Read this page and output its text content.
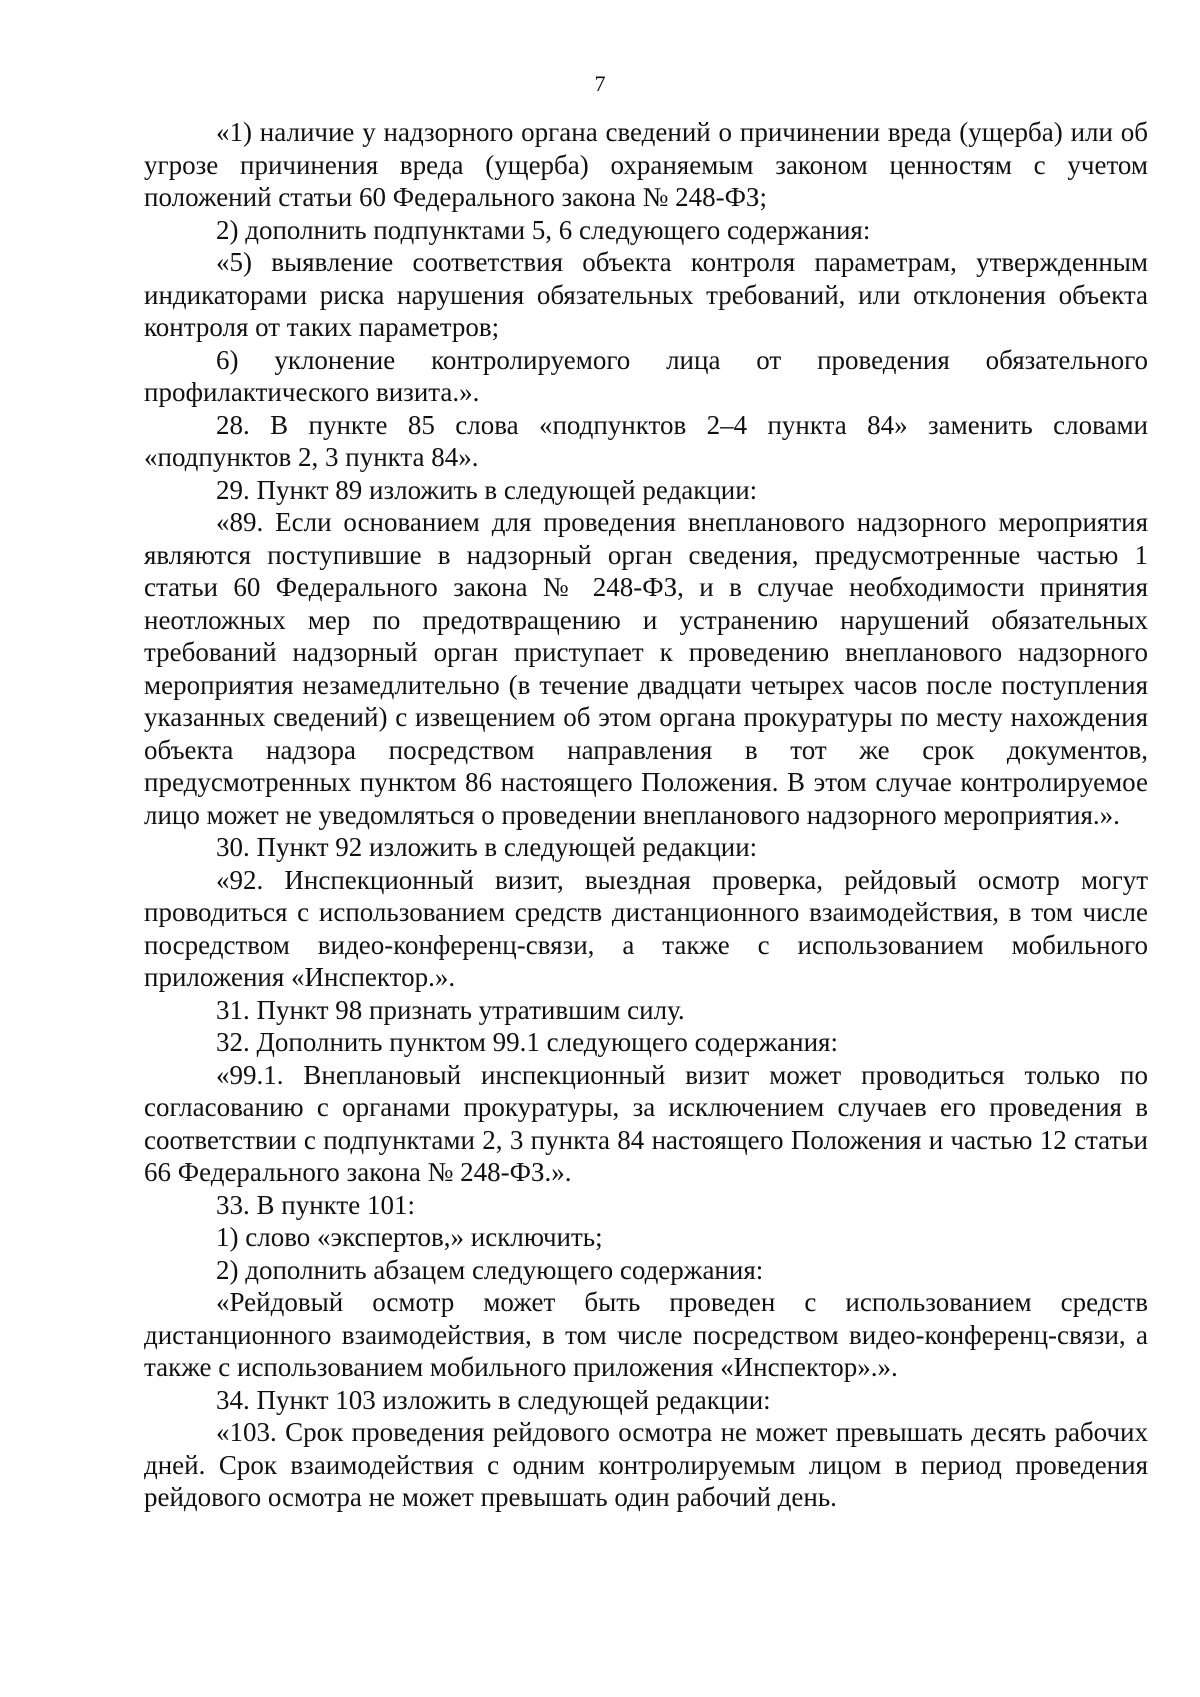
7

«1) наличие у надзорного органа сведений о причинении вреда (ущерба) или об угрозе причинения вреда (ущерба) охраняемым законом ценностям с учетом положений статьи 60 Федерального закона № 248-ФЗ;

2) дополнить подпунктами 5, 6 следующего содержания:

«5) выявление соответствия объекта контроля параметрам, утвержденным индикаторами риска нарушения обязательных требований, или отклонения объекта контроля от таких параметров;

6) уклонение контролируемого лица от проведения обязательного профилактического визита.».

28. В пункте 85 слова «подпунктов 2–4 пункта 84» заменить словами «подпунктов 2, 3 пункта 84».

29. Пункт 89 изложить в следующей редакции:

«89. Если основанием для проведения внепланового надзорного мероприятия являются поступившие в надзорный орган сведения, предусмотренные частью 1 статьи 60 Федерального закона № 248-ФЗ, и в случае необходимости принятия неотложных мер по предотвращению и устранению нарушений обязательных требований надзорный орган приступает к проведению внепланового надзорного мероприятия незамедлительно (в течение двадцати четырех часов после поступления указанных сведений) с извещением об этом органа прокуратуры по месту нахождения объекта надзора посредством направления в тот же срок документов, предусмотренных пунктом 86 настоящего Положения. В этом случае контролируемое лицо может не уведомляться о проведении внепланового надзорного мероприятия.».

30. Пункт 92 изложить в следующей редакции:

«92. Инспекционный визит, выездная проверка, рейдовый осмотр могут проводиться с использованием средств дистанционного взаимодействия, в том числе посредством видео-конференц-связи, а также с использованием мобильного приложения «Инспектор.».

31. Пункт 98 признать утратившим силу.

32. Дополнить пунктом 99.1 следующего содержания:

«99.1. Внеплановый инспекционный визит может проводиться только по согласованию с органами прокуратуры, за исключением случаев его проведения в соответствии с подпунктами 2, 3 пункта 84 настоящего Положения и частью 12 статьи 66 Федерального закона № 248-ФЗ.».

33. В пункте 101:

1) слово «экспертов,» исключить;

2) дополнить абзацем следующего содержания:

«Рейдовый осмотр может быть проведен с использованием средств дистанционного взаимодействия, в том числе посредством видео-конференц-связи, а также с использованием мобильного приложения «Инспектор».».

34. Пункт 103 изложить в следующей редакции:

«103. Срок проведения рейдового осмотра не может превышать десять рабочих дней. Срок взаимодействия с одним контролируемым лицом в период проведения рейдового осмотра не может превышать один рабочий день.
